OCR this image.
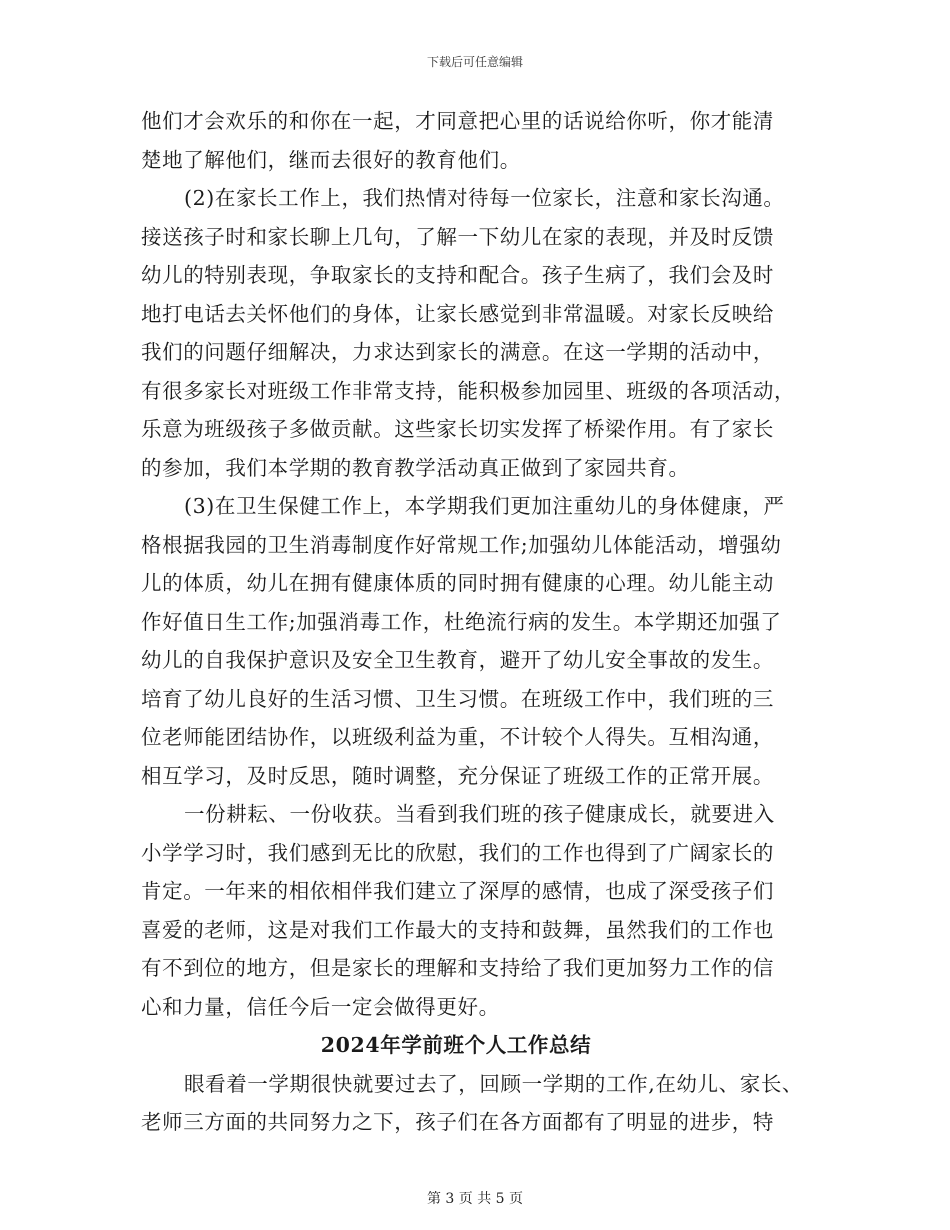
下载后可任意编辑
他们才会欢乐的和你在一起，才同意把心里的话说给你听，你才能清
楚地了解他们，继而去很好的教育他们。
(2)在家长工作上，我们热情对待每一位家长，注意和家长沟通。
接送孩子时和家长聊上几句，了解一下幼儿在家的表现，并及时反馈
幼儿的特别表现，争取家长的支持和配合。孩子生病了，我们会及时
地打电话去关怀他们的身体，让家长感觉到非常温暖。对家长反映给
我们的问题仔细解决，力求达到家长的满意。在这一学期的活动中，
有很多家长对班级工作非常支持，能积极参加园里、班级的各项活动，
乐意为班级孩子多做贡献。这些家长切实发挥了桥梁作用。有了家长
的参加，我们本学期的教育教学活动真正做到了家园共育。
(3)在卫生保健工作上，本学期我们更加注重幼儿的身体健康，严
格根据我园的卫生消毒制度作好常规工作;加强幼儿体能活动，增强幼
儿的体质，幼儿在拥有健康体质的同时拥有健康的心理。幼儿能主动
作好值日生工作;加强消毒工作，杜绝流行病的发生。本学期还加强了
幼儿的自我保护意识及安全卫生教育，避开了幼儿安全事故的发生。
培育了幼儿良好的生活习惯、卫生习惯。在班级工作中，我们班的三
位老师能团结协作，以班级利益为重，不计较个人得失。互相沟通，
相互学习，及时反思，随时调整，充分保证了班级工作的正常开展。
一份耕耘、一份收获。当看到我们班的孩子健康成长，就要进入
小学学习时，我们感到无比的欣慰，我们的工作也得到了广阔家长的
肯定。一年来的相依相伴我们建立了深厚的感情，也成了深受孩子们
喜爱的老师，这是对我们工作最大的支持和鼓舞，虽然我们的工作也
有不到位的地方，但是家长的理解和支持给了我们更加努力工作的信
心和力量，信任今后一定会做得更好。
2024年学前班个人工作总结
眼看着一学期很快就要过去了，回顾一学期的工作,在幼儿、家长、
老师三方面的共同努力之下，孩子们在各方面都有了明显的进步，特
第 3 页 共 5 页
